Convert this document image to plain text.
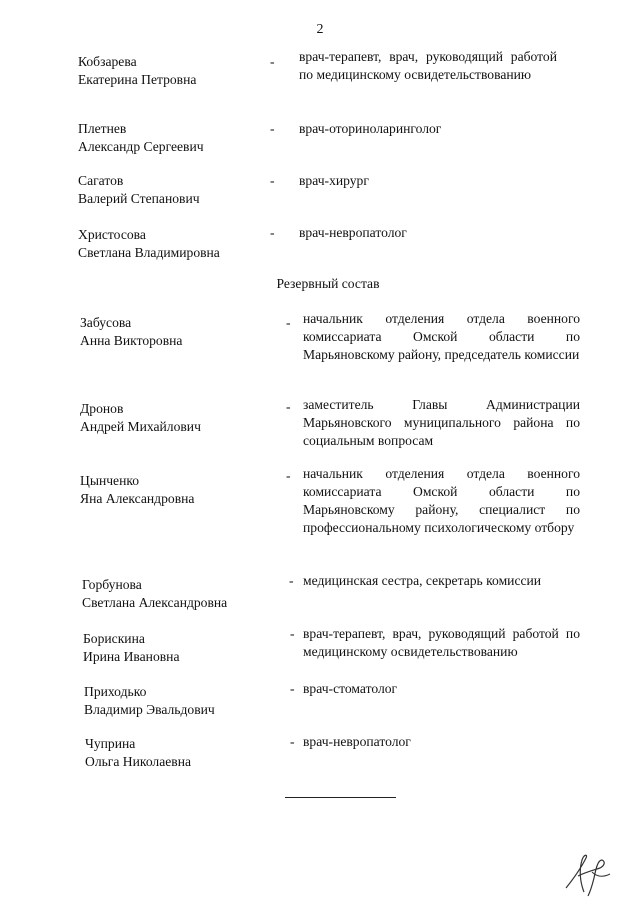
2
Кобзарева
Екатерина Петровна
- врач-терапевт, врач, руководящий работой по медицинскому освидетельствованию
Плетнев
Александр Сергеевич
- врач-оториноларинголог
Сагатов
Валерий Степанович
- врач-хирург
Христосова
Светлана Владимировна
- врач-невропатолог
Резервный состав
Забусова
Анна Викторовна
- начальник отделения отдела военного комиссариата Омской области по Марьяновскому району, председатель комиссии
Дронов
Андрей Михайлович
- заместитель Главы Администрации Марьяновского муниципального района по социальным вопросам
Цынченко
Яна Александровна
- начальник отделения отдела военного комиссариата Омской области по Марьяновскому району, специалист по профессиональному психологическому отбору
Горбунова
Светлана Александровна
- медицинская сестра, секретарь комиссии
Борискина
Ирина Ивановна
- врач-терапевт, врач, руководящий работой по медицинскому освидетельствованию
Приходько
Владимир Эвальдович
- врач-стоматолог
Чуприна
Ольга Николаевна
- врач-невропатолог
